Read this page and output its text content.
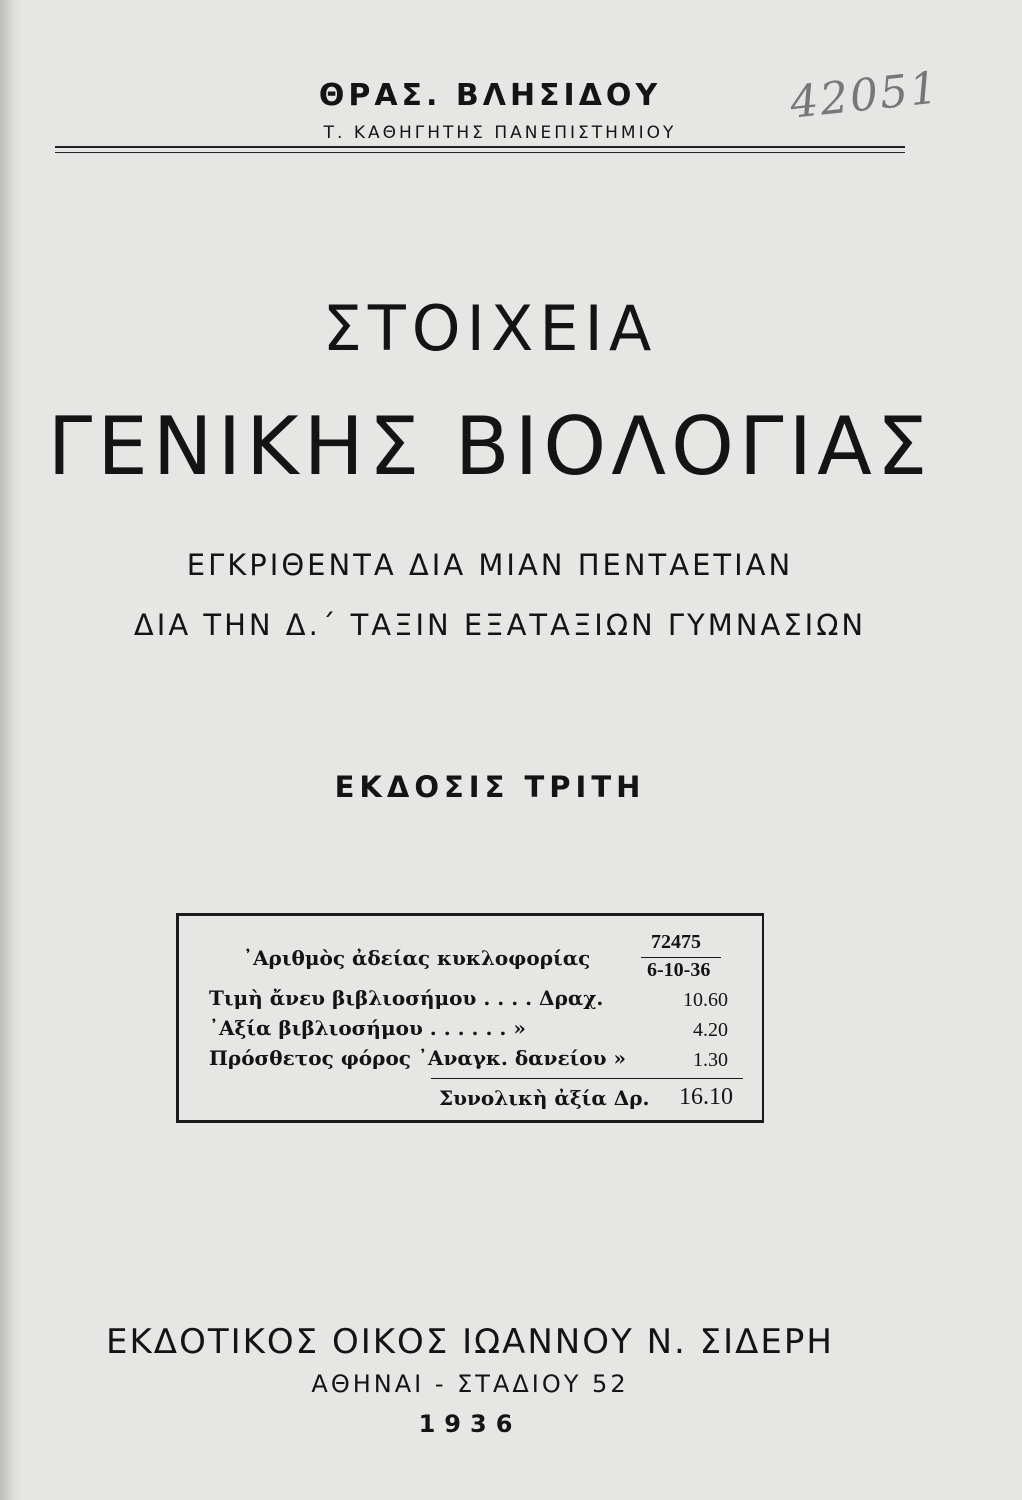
ΘΡΑΣ. ΒΛΗΣΙΔΟΥ
Τ. ΚΑΘΗΓΗΤΗΣ ΠΑΝΕΠΙΣΤΗΜΙΟΥ
42051
ΣΤΟΙΧΕΙΑ
ΓΕΝΙΚΗΣ ΒΙΟΛΟΓΙΑΣ
ΕΓΚΡΙΘΕΝΤΑ ΔΙΑ ΜΙΑΝ ΠΕΝΤΑΕΤΙΑΝ
ΔΙΑ ΤΗΝ Δ.΄ ΤΑΞΙΝ ΕΞΑΤΑΞΙΩΝ ΓΥΜΝΑΣΙΩΝ
ΕΚΔΟΣΙΣ ΤΡΙΤΗ
72475
᾿Αριθμὸς ἀδείας κυκλοφορίας	6-10-36
Τιμὴ ἄνευ βιβλιοσήμου . . . . Δραχ.	10.60
᾿Αξία βιβλιοσήμου . . . . . . »	4.20
Πρόσθετος φόρος ᾿Αναγκ. δανείου »	1.30
Συνολικὴ ἀξία Δρ. 16.10
ΕΚΔΟΤΙΚΟΣ ΟΙΚΟΣ ΙΩΑΝΝΟΥ Ν. ΣΙΔΕΡΗ
ΑΘΗΝΑΙ - ΣΤΑΔΙΟΥ 52
1936
